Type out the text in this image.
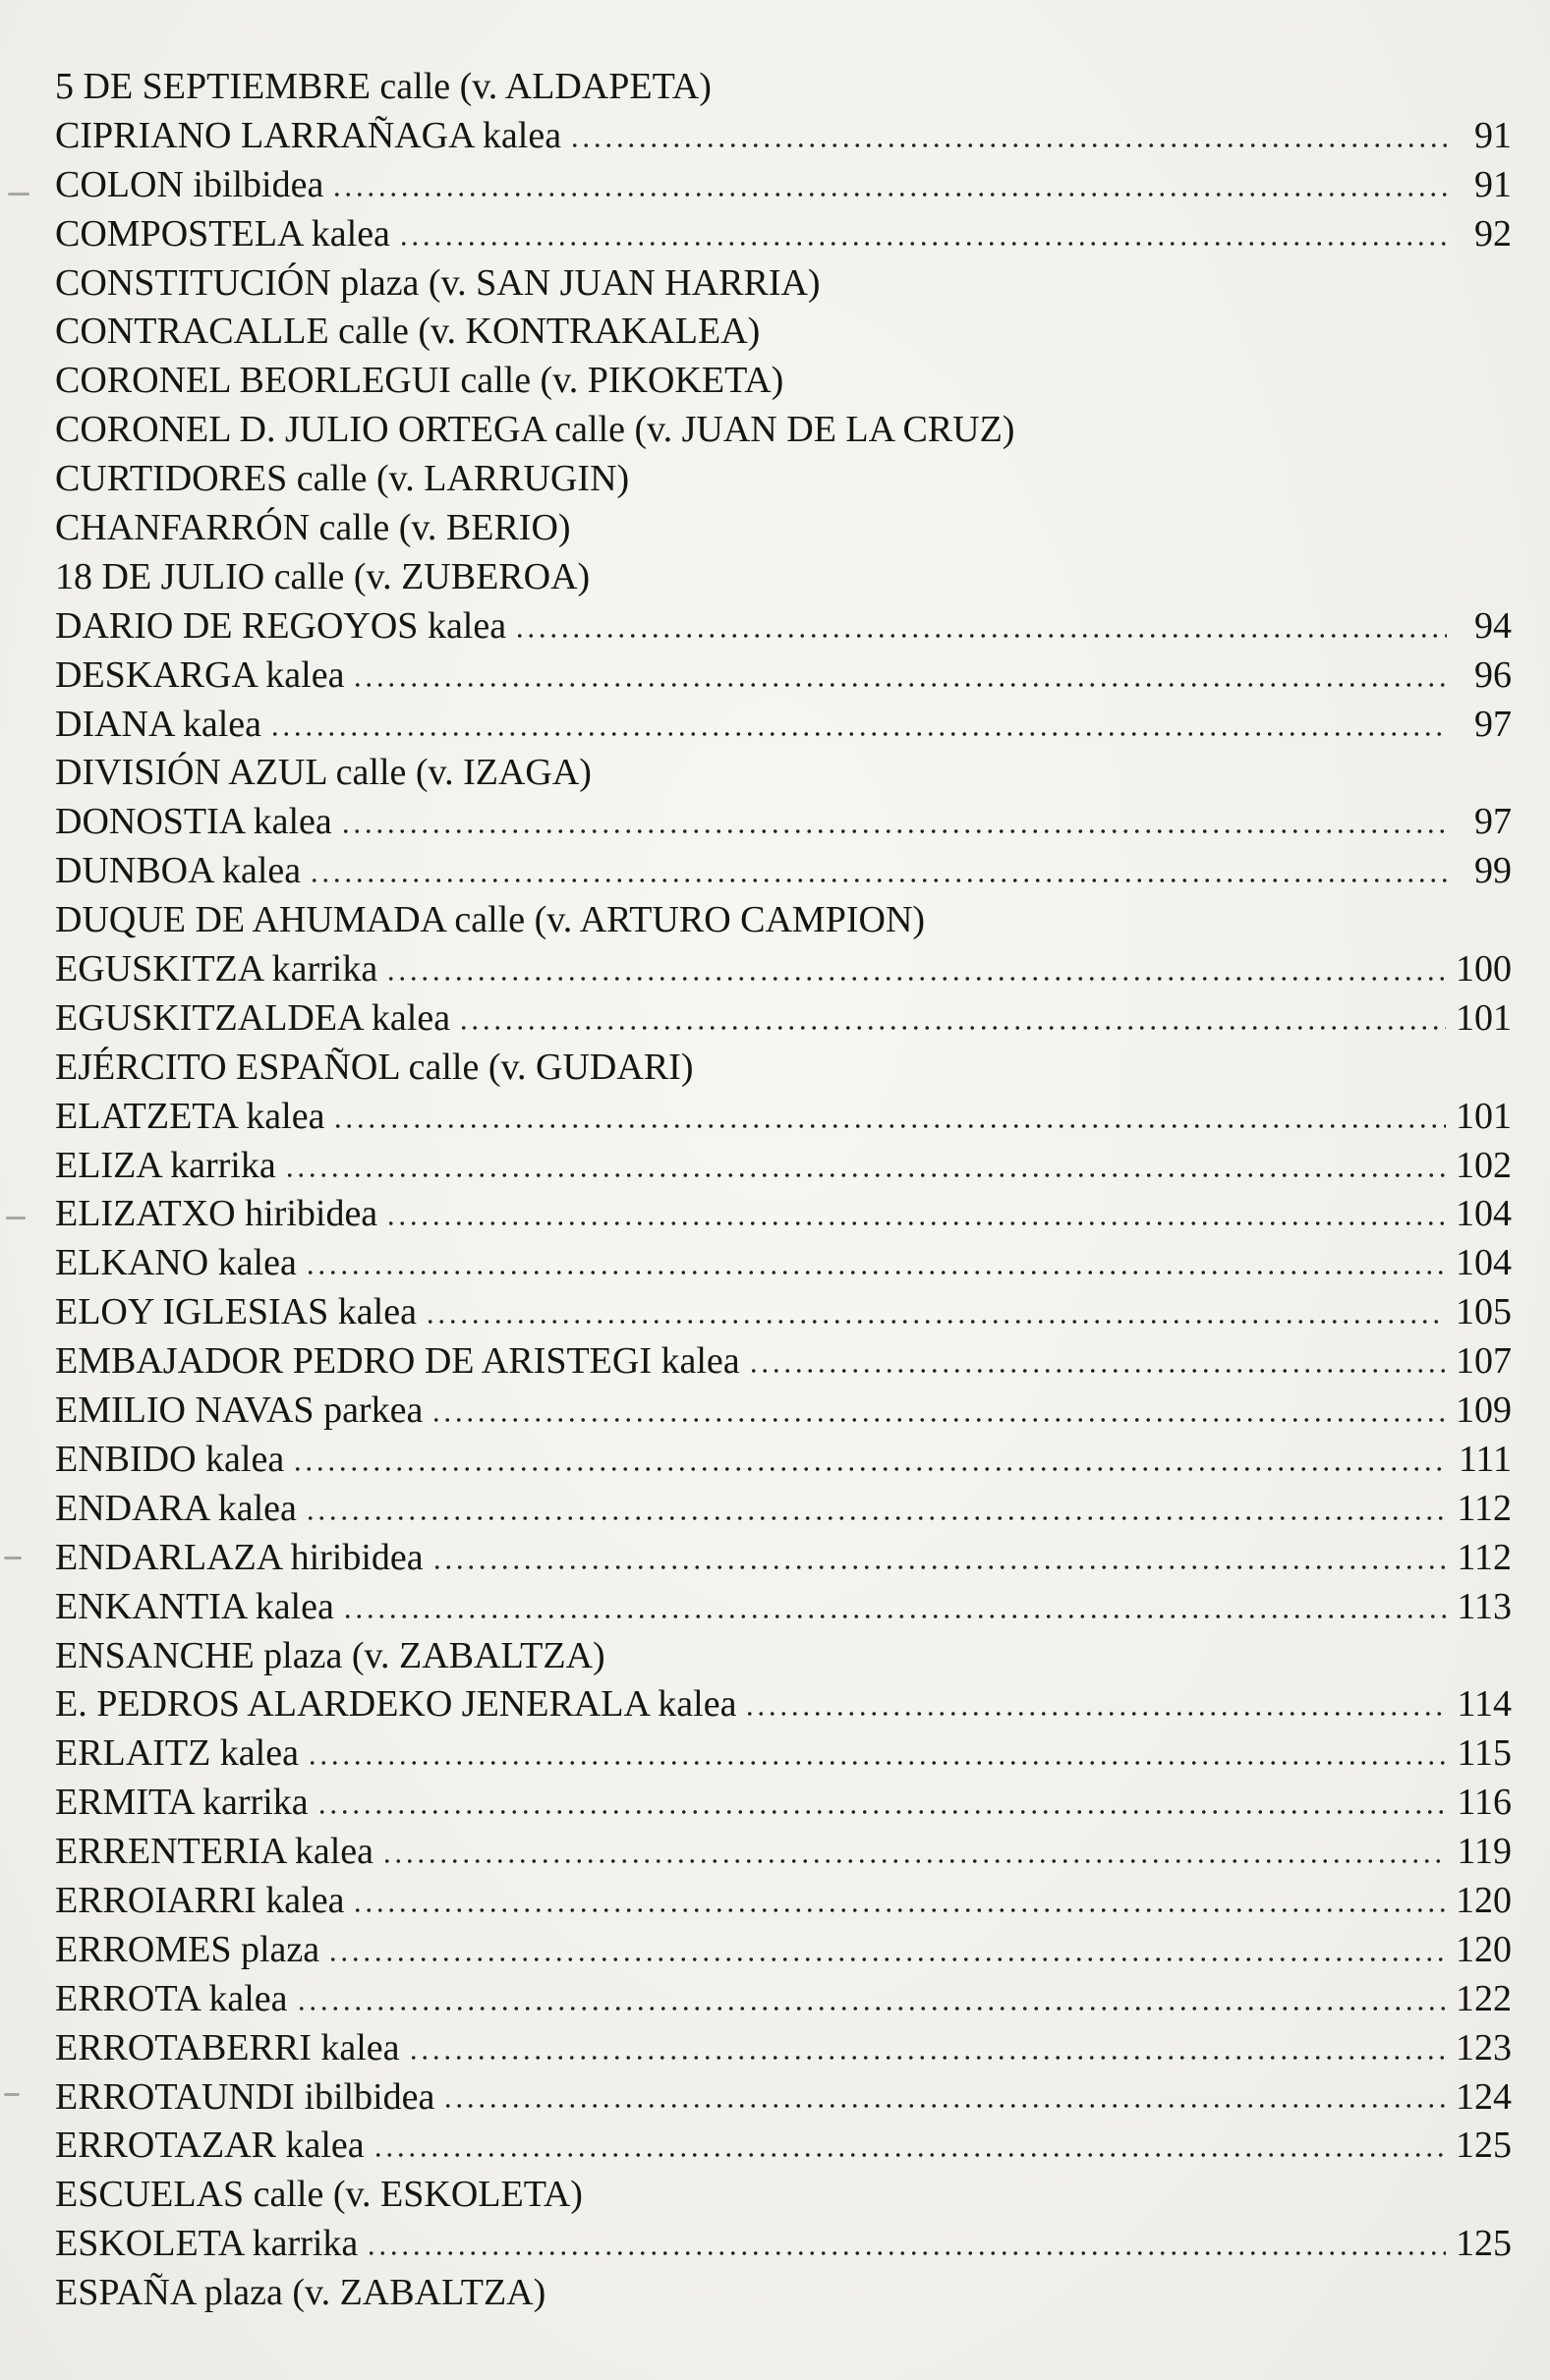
5 DE SEPTIEMBRE calle (v. ALDAPETA)
CIPRIANO LARRAÑAGA kalea	91
COLON ibilbidea	91
COMPOSTELA kalea	92
CONSTITUCIÓN plaza (v. SAN JUAN HARRIA)
CONTRACALLE calle (v. KONTRAKALEA)
CORONEL BEORLEGUI calle (v. PIKOKETA)
CORONEL D. JULIO ORTEGA calle (v. JUAN DE LA CRUZ)
CURTIDORES calle (v. LARRUGIN)
CHANFARRÓN calle (v. BERIO)
18 DE JULIO calle (v. ZUBEROA)
DARIO DE REGOYOS kalea	94
DESKARGA kalea	96
DIANA kalea	97
DIVISIÓN AZUL calle (v. IZAGA)
DONOSTIA kalea	97
DUNBOA kalea	99
DUQUE DE AHUMADA calle (v. ARTURO CAMPION)
EGUSKITZA karrika	100
EGUSKITZALDEA kalea	101
EJÉRCITO ESPAÑOL calle (v. GUDARI)
ELATZETA kalea	101
ELIZA karrika	102
ELIZATXO hiribidea	104
ELKANO kalea	104
ELOY IGLESIAS kalea	105
EMBAJADOR PEDRO DE ARISTEGI kalea	107
EMILIO NAVAS parkea	109
ENBIDO kalea	111
ENDARA kalea	112
ENDARLAZA hiribidea	112
ENKANTIA kalea	113
ENSANCHE plaza (v. ZABALTZA)
E. PEDROS ALARDEKO JENERALA kalea	114
ERLAITZ kalea	115
ERMITA karrika	116
ERRENTERIA kalea	119
ERROIARRI kalea	120
ERROMES plaza	120
ERROTA kalea	122
ERROTABERRI kalea	123
ERROTAUNDI ibilbidea	124
ERROTAZAR kalea	125
ESCUELAS calle (v. ESKOLETA)
ESKOLETA karrika	125
ESPAÑA plaza (v. ZABALTZA)
